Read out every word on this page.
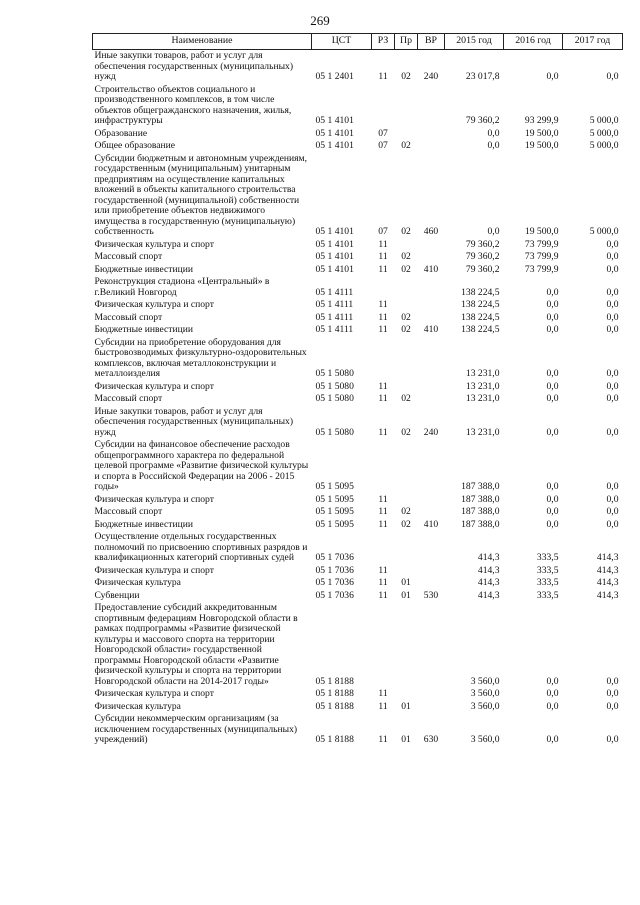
269
Наименование	ЦСТ	РЗ	Пр	ВР	2015 год	2016 год	2017 год
Иные закупки товаров, работ и услуг для обеспечения государственных (муниципальных) нужд	05 1 2401	11	02	240	23 017,8	0,0	0,0
Строительство объектов социального и производственного комплексов, в том числе объектов общегражданского назначения, жилья, инфраструктуры	05 1 4101				79 360,2	93 299,9	5 000,0
Образование	05 1 4101	07			0,0	19 500,0	5 000,0
Общее образование	05 1 4101	07	02		0,0	19 500,0	5 000,0
Субсидии бюджетным и автономным учреждениям, государственным (муниципальным) унитарным предприятиям на осуществление капитальных вложений в объекты капитального строительства государственной (муниципальной) собственности или приобретение объектов недвижимого имущества в государственную (муниципальную) собственность	05 1 4101	07	02	460	0,0	19 500,0	5 000,0
Физическая культура и спорт	05 1 4101	11			79 360,2	73 799,9	0,0
Массовый спорт	05 1 4101	11	02		79 360,2	73 799,9	0,0
Бюджетные инвестиции	05 1 4101	11	02	410	79 360,2	73 799,9	0,0
Реконструкция стадиона «Центральный» в г.Великий Новгород	05 1 4111				138 224,5	0,0	0,0
Физическая культура и спорт	05 1 4111	11			138 224,5	0,0	0,0
Массовый спорт	05 1 4111	11	02		138 224,5	0,0	0,0
Бюджетные инвестиции	05 1 4111	11	02	410	138 224,5	0,0	0,0
Субсидии на приобретение оборудования для быстровозводимых физкультурно-оздоровительных комплексов, включая металлоконструкции и металлоизделия	05 1 5080				13 231,0	0,0	0,0
Физическая культура и спорт	05 1 5080	11			13 231,0	0,0	0,0
Массовый спорт	05 1 5080	11	02		13 231,0	0,0	0,0
Иные закупки товаров, работ и услуг для обеспечения государственных (муниципальных) нужд	05 1 5080	11	02	240	13 231,0	0,0	0,0
Субсидии на финансовое обеспечение расходов общепрограммного характера по федеральной целевой программе «Развитие физической культуры и спорта в Российской Федерации на 2006 - 2015 годы»	05 1 5095				187 388,0	0,0	0,0
Физическая культура и спорт	05 1 5095	11			187 388,0	0,0	0,0
Массовый спорт	05 1 5095	11	02		187 388,0	0,0	0,0
Бюджетные инвестиции	05 1 5095	11	02	410	187 388,0	0,0	0,0
Осуществление отдельных государственных полномочий по присвоению спортивных разрядов и квалификационных категорий спортивных судей	05 1 7036				414,3	333,5	414,3
Физическая культура и спорт	05 1 7036	11			414,3	333,5	414,3
Физическая культура	05 1 7036	11	01		414,3	333,5	414,3
Субвенции	05 1 7036	11	01	530	414,3	333,5	414,3
Предоставление субсидий аккредитованным спортивным федерациям Новгородской области в рамках подпрограммы «Развитие физической культуры и массового спорта на территории Новгородской области» государственной программы Новгородской области «Развитие физической культуры и спорта на территории Новгородской области на 2014-2017 годы»	05 1 8188				3 560,0	0,0	0,0
Физическая культура и спорт	05 1 8188	11			3 560,0	0,0	0,0
Физическая культура	05 1 8188	11	01		3 560,0	0,0	0,0
Субсидии некоммерческим организациям (за исключением государственных (муниципальных) учреждений)	05 1 8188	11	01	630	3 560,0	0,0	0,0
